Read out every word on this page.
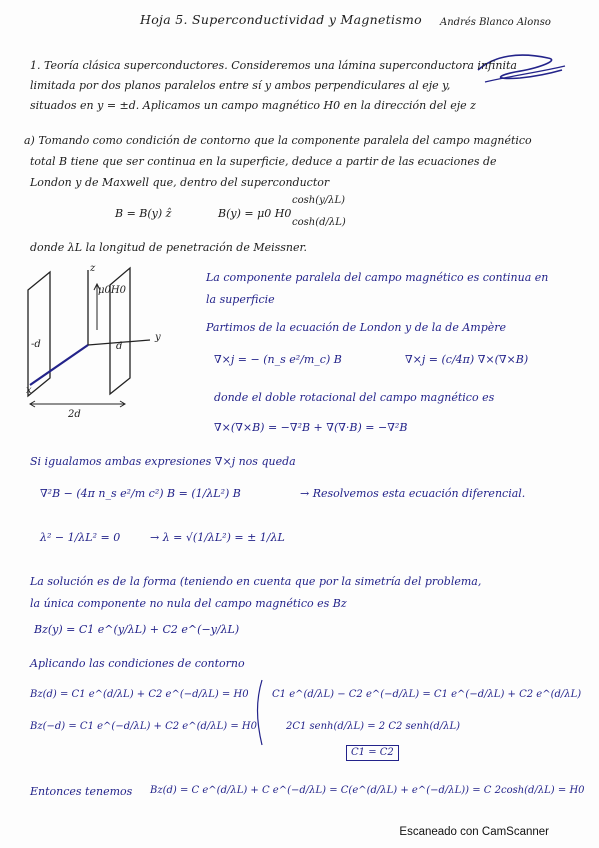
Hoja 5. Superconductividad y Magnetismo Andrés Blanco Alonso
1. Teoría clásica superconductores. Consideremos una lámina superconductora infinita
limitada por dos planos paralelos entre sí y ambos perpendiculares al eje y,
situados en y = ±d. Aplicamos un campo magnético H0 en la dirección del eje z
a) Tomando como condición de contorno que la componente paralela del campo magnético
total B tiene que ser continua en la superficie, deduce a partir de las ecuaciones de
London y de Maxwell que, dentro del superconductor
B = B(y) ẑ	B(y) = μ0 H0
cosh(y/λL)
cosh(d/λL)
donde λL la longitud de penetración de Meissner.
z
y
x
μ0H0
-d	d
2d
La componente paralela del campo magnético es continua en
la superficie
Partimos de la ecuación de London y de la de Ampère
∇×j = − (n_s e²/m_c) B	∇×j = (c/4π) ∇×(∇×B)
donde el doble rotacional del campo magnético es
∇×(∇×B) = −∇²B + ∇(∇·B) = −∇²B
Si igualamos ambas expresiones ∇×j nos queda
∇²B − (4π n_s e²/m c²) B = (1/λL²) B	→ Resolvemos esta ecuación diferencial.
λ² − 1/λL² = 0	→ λ = √(1/λL²) = ± 1/λL
La solución es de la forma (teniendo en cuenta que por la simetría del problema,
la única componente no nula del campo magnético es Bz
Bz(y) = C1 e^(y/λL) + C2 e^(−y/λL)
Aplicando las condiciones de contorno
Bz(d) = C1 e^(d/λL) + C2 e^(−d/λL) = H0
Bz(−d) = C1 e^(−d/λL) + C2 e^(d/λL) = H0
C1 e^(d/λL) − C2 e^(−d/λL) = C1 e^(−d/λL) + C2 e^(d/λL)
2C1 senh(d/λL) = 2 C2 senh(d/λL)
C1 = C2
Entonces tenemos Bz(d) = C e^(d/λL) + C e^(−d/λL) = C(e^(d/λL) + e^(−d/λL)) = C 2cosh(d/λL) = H0
Escaneado con CamScanner
